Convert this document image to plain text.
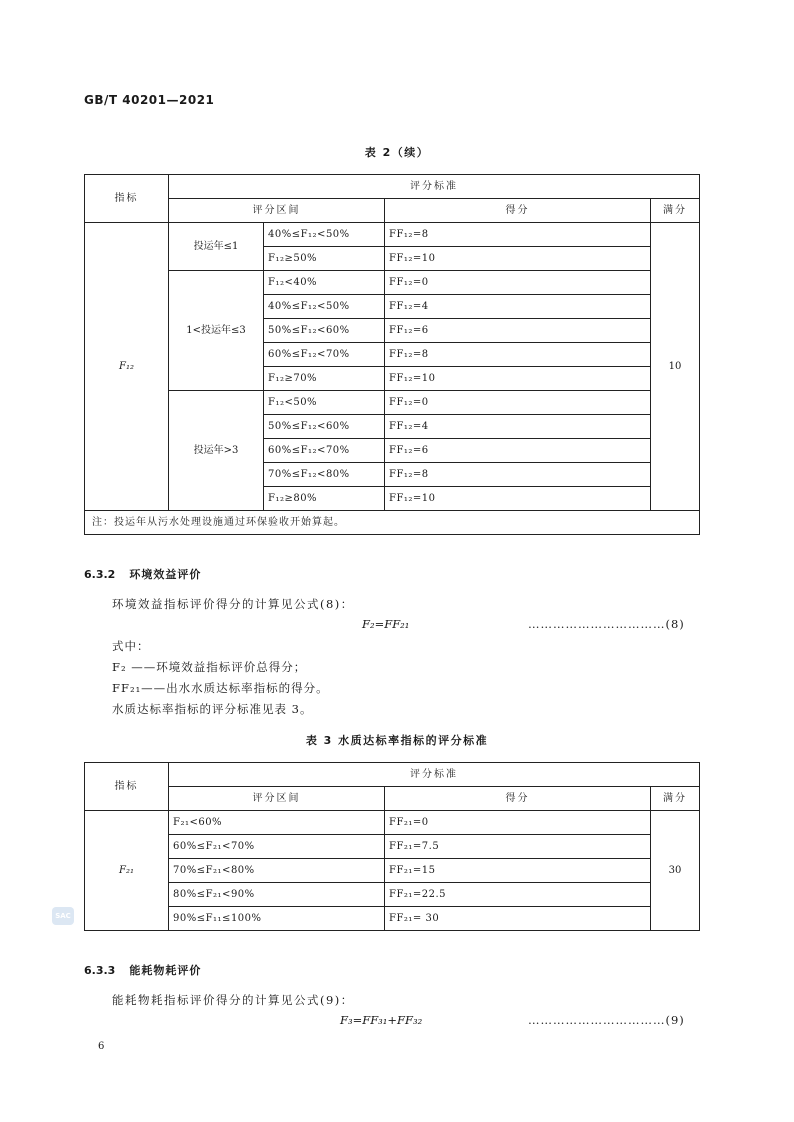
GB/T 40201—2021
表 2（续）
指标	评分标准			
	评分区间		得分	满分
F₁₂	投运年≤1	40%≤F₁₂<50%	FF₁₂=8	10
		F₁₂≥50%	FF₁₂=10	
	1<投运年≤3	F₁₂<40%	FF₁₂=0	
		40%≤F₁₂<50%	FF₁₂=4	
		50%≤F₁₂<60%	FF₁₂=6	
		60%≤F₁₂<70%	FF₁₂=8	
		F₁₂≥70%	FF₁₂=10	
	投运年>3	F₁₂<50%	FF₁₂=0	
		50%≤F₁₂<60%	FF₁₂=4	
		60%≤F₁₂<70%	FF₁₂=6	
		70%≤F₁₂<80%	FF₁₂=8	
		F₁₂≥80%	FF₁₂=10	
注：投运年从污水处理设施通过环保验收开始算起。				
6.3.2 环境效益评价
环境效益指标评价得分的计算见公式(8)：
F₂=FF₂₁	……………………………(8)
式中：
F₂ ——环境效益指标评价总得分；
FF₂₁——出水水质达标率指标的得分。
水质达标率指标的评分标准见表 3。
表 3 水质达标率指标的评分标准
指标	评分标准		
	评分区间	得分	满分
F₂₁	F₂₁<60%	FF₂₁=0	30
	60%≤F₂₁<70%	FF₂₁=7.5	
	70%≤F₂₁<80%	FF₂₁=15	
	80%≤F₂₁<90%	FF₂₁=22.5	
	90%≤F₁₁≤100%	FF₂₁= 30	
SAC
6.3.3 能耗物耗评价
能耗物耗指标评价得分的计算见公式(9)：
F₃=FF₃₁+FF₃₂	……………………………(9)
6
